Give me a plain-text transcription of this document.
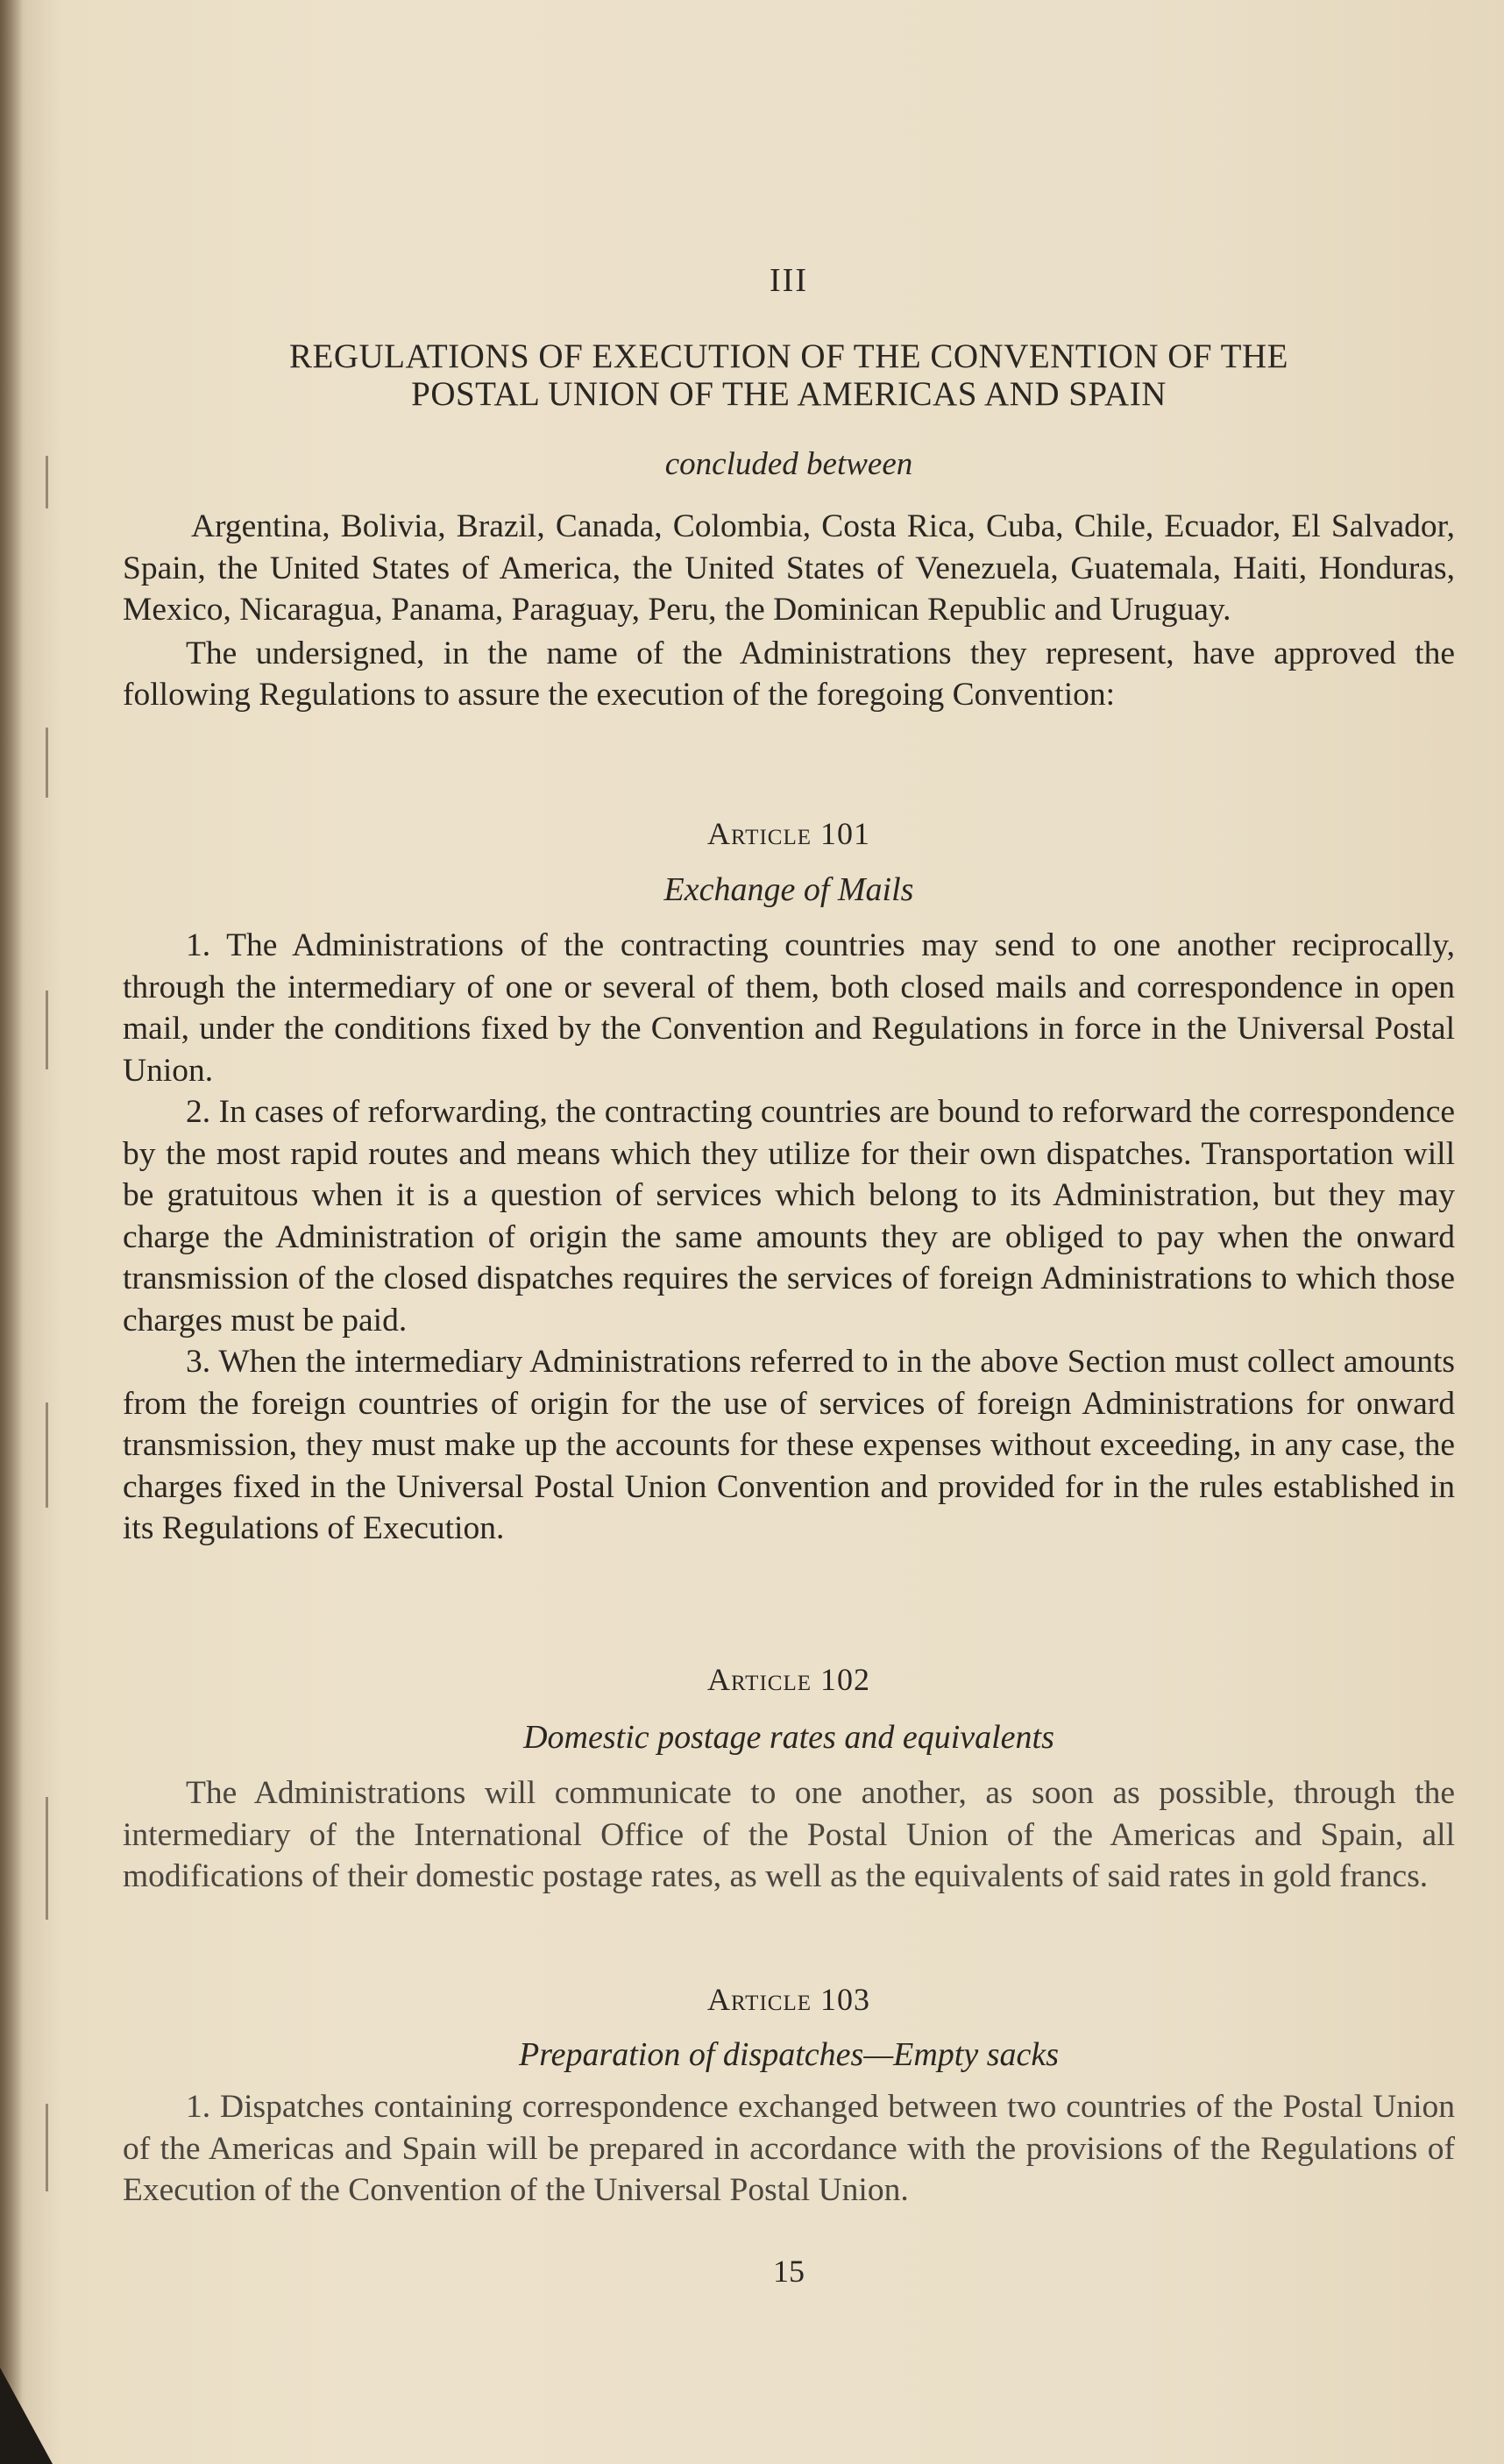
III
REGULATIONS OF EXECUTION OF THE CONVENTION OF THE
POSTAL UNION OF THE AMERICAS AND SPAIN
concluded between

Argentina, Bolivia, Brazil, Canada, Colombia, Costa Rica, Cuba, Chile, Ecuador, El Salvador, Spain, the United States of America, the United States of Venezuela, Guatemala, Haiti, Honduras, Mexico, Nicaragua, Panama, Paraguay, Peru, the Dominican Republic and Uruguay.

The undersigned, in the name of the Administrations they represent, have approved the following Regulations to assure the execution of the foregoing Convention:

Article 101
Exchange of Mails

1. The Administrations of the contracting countries may send to one another reciprocally, through the intermediary of one or several of them, both closed mails and correspondence in open mail, under the conditions fixed by the Convention and Regulations in force in the Universal Postal Union.

2. In cases of reforwarding, the contracting countries are bound to reforward the correspondence by the most rapid routes and means which they utilize for their own dispatches. Transportation will be gratuitous when it is a question of services which belong to its Administration, but they may charge the Administration of origin the same amounts they are obliged to pay when the onward transmission of the closed dispatches requires the services of foreign Administrations to which those charges must be paid.

3. When the intermediary Administrations referred to in the above Section must collect amounts from the foreign countries of origin for the use of services of foreign Administrations for onward transmission, they must make up the accounts for these expenses without exceeding, in any case, the charges fixed in the Universal Postal Union Convention and provided for in the rules established in its Regulations of Execution.

Article 102
Domestic postage rates and equivalents

The Administrations will communicate to one another, as soon as possible, through the intermediary of the International Office of the Postal Union of the Americas and Spain, all modifications of their domestic postage rates, as well as the equivalents of said rates in gold francs.

Article 103
Preparation of dispatches—Empty sacks

1. Dispatches containing correspondence exchanged between two countries of the Postal Union of the Americas and Spain will be prepared in accordance with the provisions of the Regulations of Execution of the Convention of the Universal Postal Union.

15
